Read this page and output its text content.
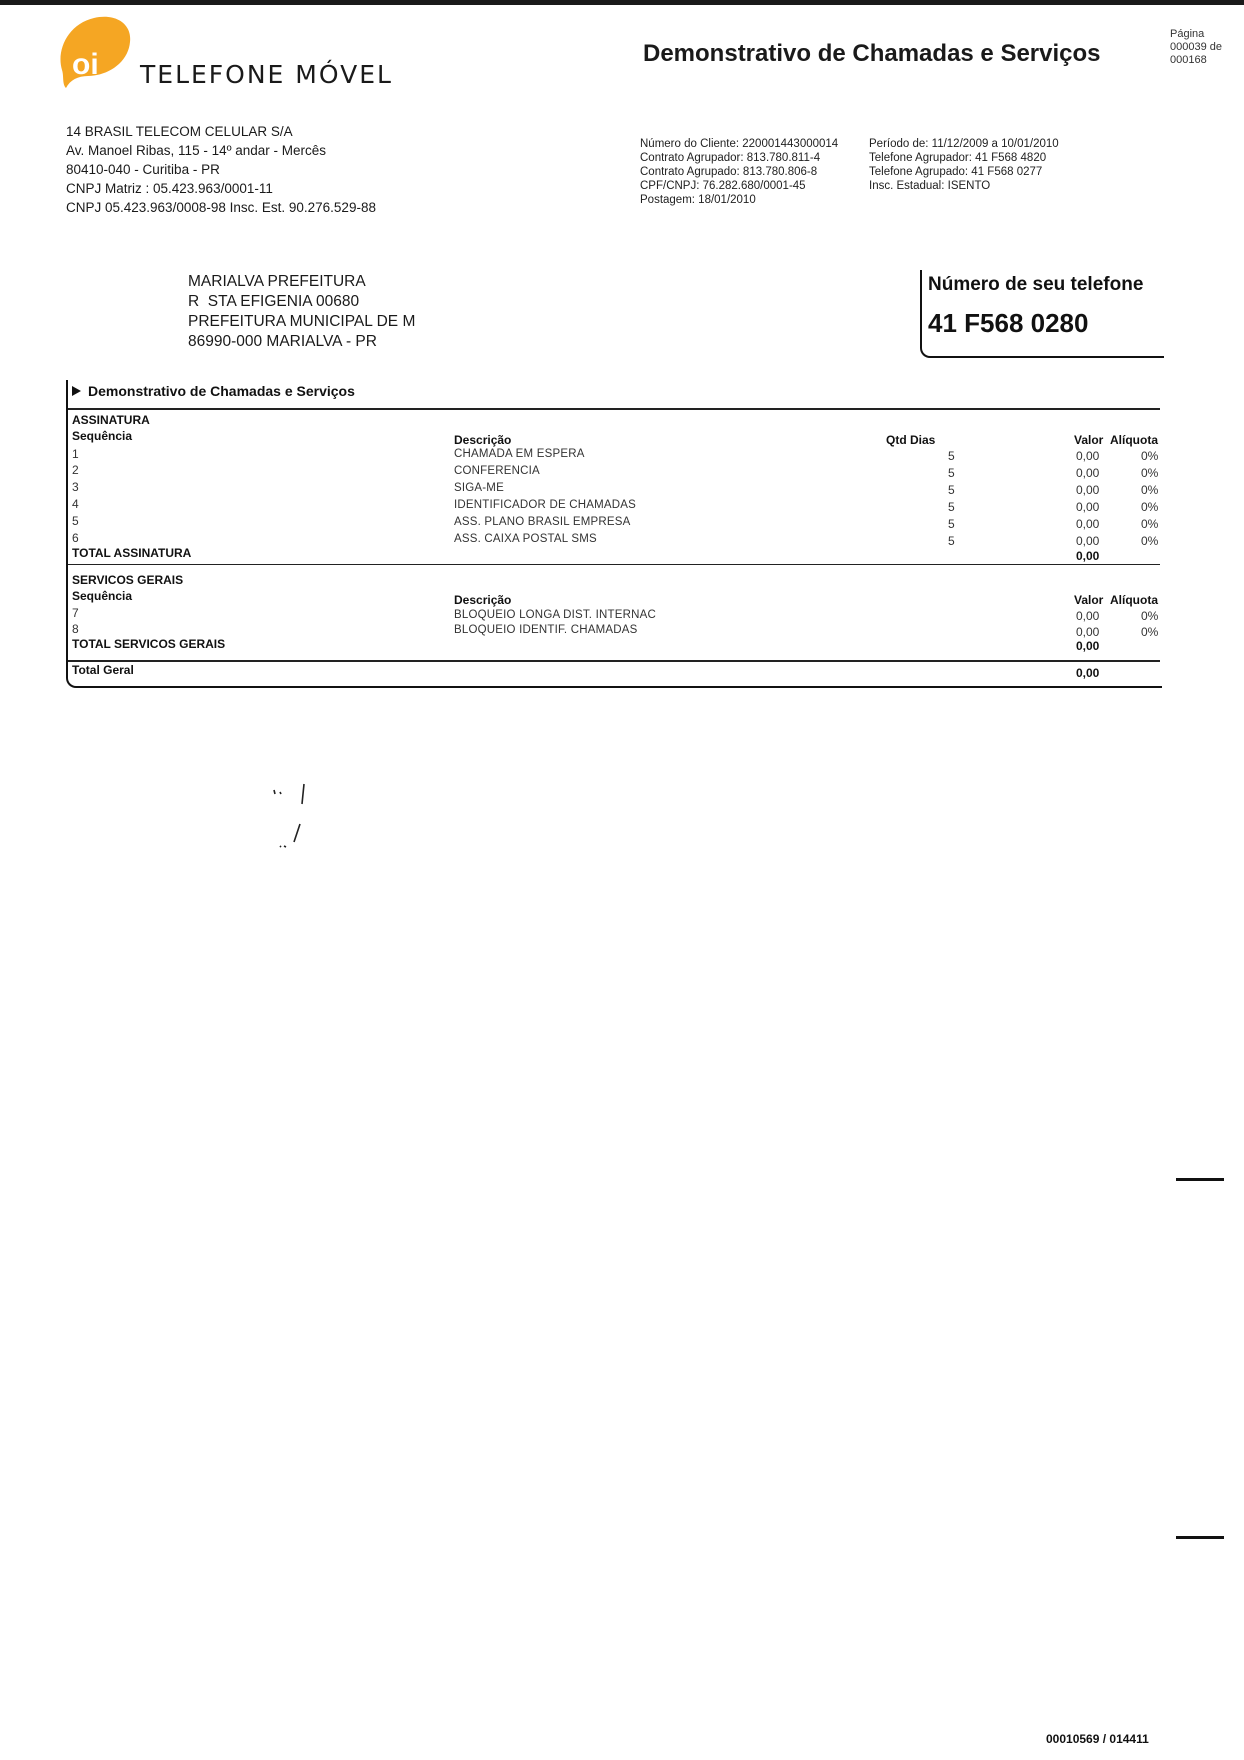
oi TELEFONE MÓVEL
Demonstrativo de Chamadas e Serviços
Página
000039 de
000168
14 BRASIL TELECOM CELULAR S/A
Av. Manoel Ribas, 115 - 14º andar - Mercês
80410-040 - Curitiba - PR
CNPJ Matriz : 05.423.963/0001-11
CNPJ 05.423.963/0008-98 Insc. Est. 90.276.529-88
Número do Cliente: 220001443000014
Contrato Agrupador: 813.780.811-4
Contrato Agrupado: 813.780.806-8
CPF/CNPJ: 76.282.680/0001-45
Postagem: 18/01/2010
Período de: 11/12/2009 a 10/01/2010
Telefone Agrupador: 41 F568 4820
Telefone Agrupado: 41 F568 0277
Insc. Estadual: ISENTO
MARIALVA PREFEITURA
R  STA EFIGENIA 00680
PREFEITURA MUNICIPAL DE M
86990-000 MARIALVA - PR
Número de seu telefone
41 F568 0280
Demonstrativo de Chamadas e Serviços
ASSINATURA
Sequência	Descrição	Qtd Dias	Valor Alíquota
1	CHAMADA EM ESPERA	5	0,00	0%
2	CONFERENCIA	5	0,00	0%
3	SIGA-ME	5	0,00	0%
4	IDENTIFICADOR DE CHAMADAS	5	0,00	0%
5	ASS. PLANO BRASIL EMPRESA	5	0,00	0%
6	ASS. CAIXA POSTAL SMS	5	0,00	0%
TOTAL ASSINATURA	0,00
SERVICOS GERAIS
Sequência	Descrição	Valor Alíquota
7	BLOQUEIO LONGA DIST. INTERNAC	0,00	0%
8	BLOQUEIO IDENTIF. CHAMADAS	0,00	0%
TOTAL SERVICOS GERAIS	0,00
Total Geral	0,00
00010569 / 014411
